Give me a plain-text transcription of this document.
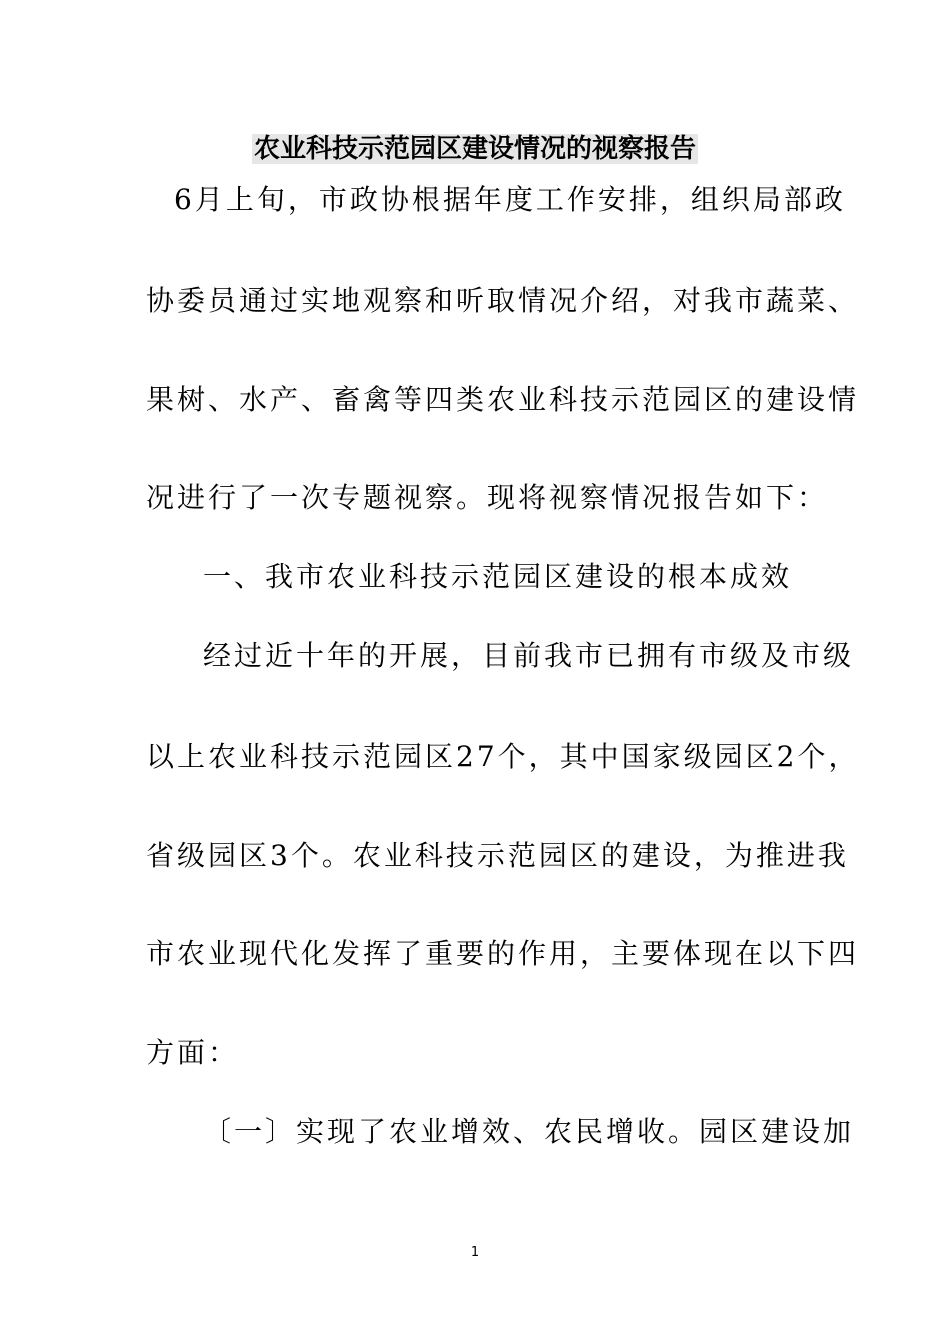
农业科技示范园区建设情况的视察报告
6月上旬，市政协根据年度工作安排，组织局部政
协委员通过实地观察和听取情况介绍，对我市蔬菜、
果树、水产、畜禽等四类农业科技示范园区的建设情
况进行了一次专题视察。现将视察情况报告如下：
一、我市农业科技示范园区建设的根本成效
经过近十年的开展，目前我市已拥有市级及市级
以上农业科技示范园区27个，其中国家级园区2个，
省级园区3个。农业科技示范园区的建设，为推进我
市农业现代化发挥了重要的作用，主要体现在以下四
方面：
〔一〕实现了农业增效、农民增收。园区建设加
1
